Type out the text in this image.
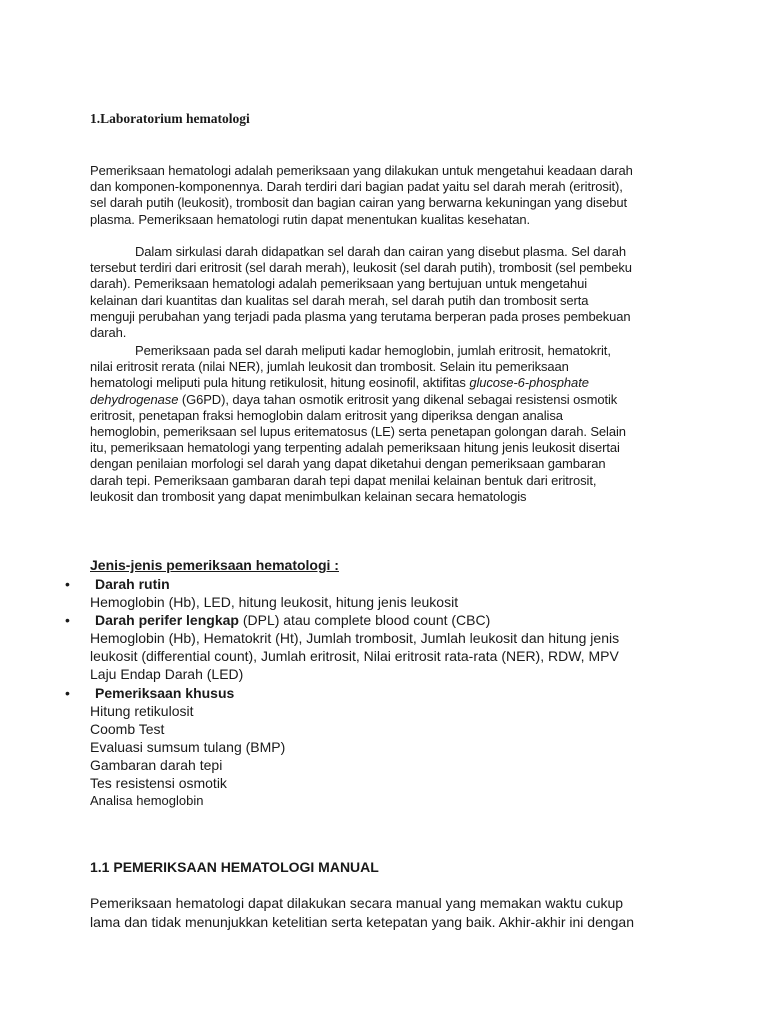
1.Laboratorium hematologi

Pemeriksaan hematologi adalah pemeriksaan yang dilakukan untuk mengetahui keadaan darah
dan komponen-komponennya. Darah terdiri dari bagian padat yaitu sel darah merah (eritrosit),
sel darah putih (leukosit), trombosit dan bagian cairan yang berwarna kekuningan yang disebut
plasma. Pemeriksaan hematologi rutin dapat menentukan kualitas kesehatan.

Dalam sirkulasi darah didapatkan sel darah dan cairan yang disebut plasma. Sel darah
tersebut terdiri dari eritrosit (sel darah merah), leukosit (sel darah putih), trombosit (sel pembeku
darah). Pemeriksaan hematologi adalah pemeriksaan yang bertujuan untuk mengetahui
kelainan dari kuantitas dan kualitas sel darah merah, sel darah putih dan trombosit serta
menguji perubahan yang terjadi pada plasma yang terutama berperan pada proses pembekuan
darah.

Pemeriksaan pada sel darah meliputi kadar hemoglobin, jumlah eritrosit, hematokrit,
nilai eritrosit rerata (nilai NER), jumlah leukosit dan trombosit. Selain itu pemeriksaan
hematologi meliputi pula hitung retikulosit, hitung eosinofil, aktifitas glucose-6-phosphate
dehydrogenase (G6PD), daya tahan osmotik eritrosit yang dikenal sebagai resistensi osmotik
eritrosit, penetapan fraksi hemoglobin dalam eritrosit yang diperiksa dengan analisa
hemoglobin, pemeriksaan sel lupus eritematosus (LE) serta penetapan golongan darah. Selain
itu, pemeriksaan hematologi yang terpenting adalah pemeriksaan hitung jenis leukosit disertai
dengan penilaian morfologi sel darah yang dapat diketahui dengan pemeriksaan gambaran
darah tepi. Pemeriksaan gambaran darah tepi dapat menilai kelainan bentuk dari eritrosit,
leukosit dan trombosit yang dapat menimbulkan kelainan secara hematologis

Jenis-jenis pemeriksaan hematologi :
• Darah rutin
Hemoglobin (Hb), LED, hitung leukosit, hitung jenis leukosit
• Darah perifer lengkap (DPL) atau complete blood count (CBC)
Hemoglobin (Hb), Hematokrit (Ht), Jumlah trombosit, Jumlah leukosit dan hitung jenis
leukosit (differential count), Jumlah eritrosit, Nilai eritrosit rata-rata (NER), RDW, MPV
Laju Endap Darah (LED)
• Pemeriksaan khusus
Hitung retikulosit
Coomb Test
Evaluasi sumsum tulang (BMP)
Gambaran darah tepi
Tes resistensi osmotik
Analisa hemoglobin
1.1 PEMERIKSAAN HEMATOLOGI MANUAL

Pemeriksaan hematologi dapat dilakukan secara manual yang memakan waktu cukup
lama dan tidak menunjukkan ketelitian serta ketepatan yang baik. Akhir-akhir ini dengan
